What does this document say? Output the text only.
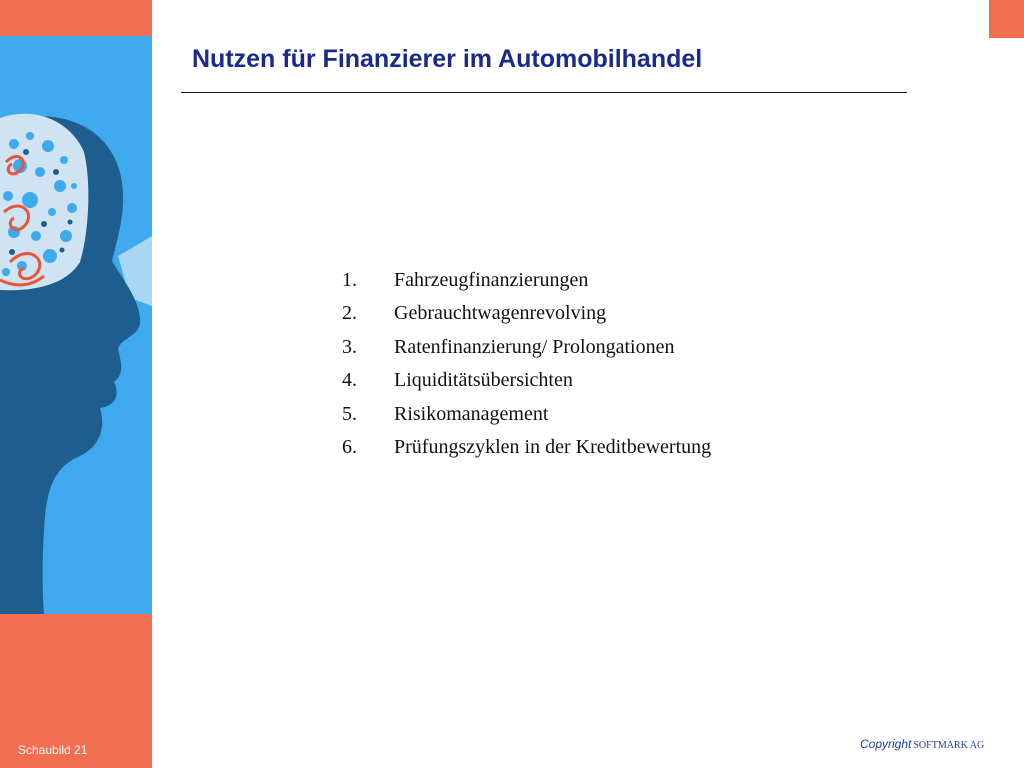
Nutzen für Finanzierer im Automobilhandel
1.	Fahrzeugfinanzierungen
2.	Gebrauchtwagenrevolving
3.	Ratenfinanzierung/ Prolongationen
4.	Liquiditätsübersichten
5.	Risikomanagement
6.	Prüfungszyklen in der Kreditbewertung
Schaubild 21	Copyright SOFTMARK AG
